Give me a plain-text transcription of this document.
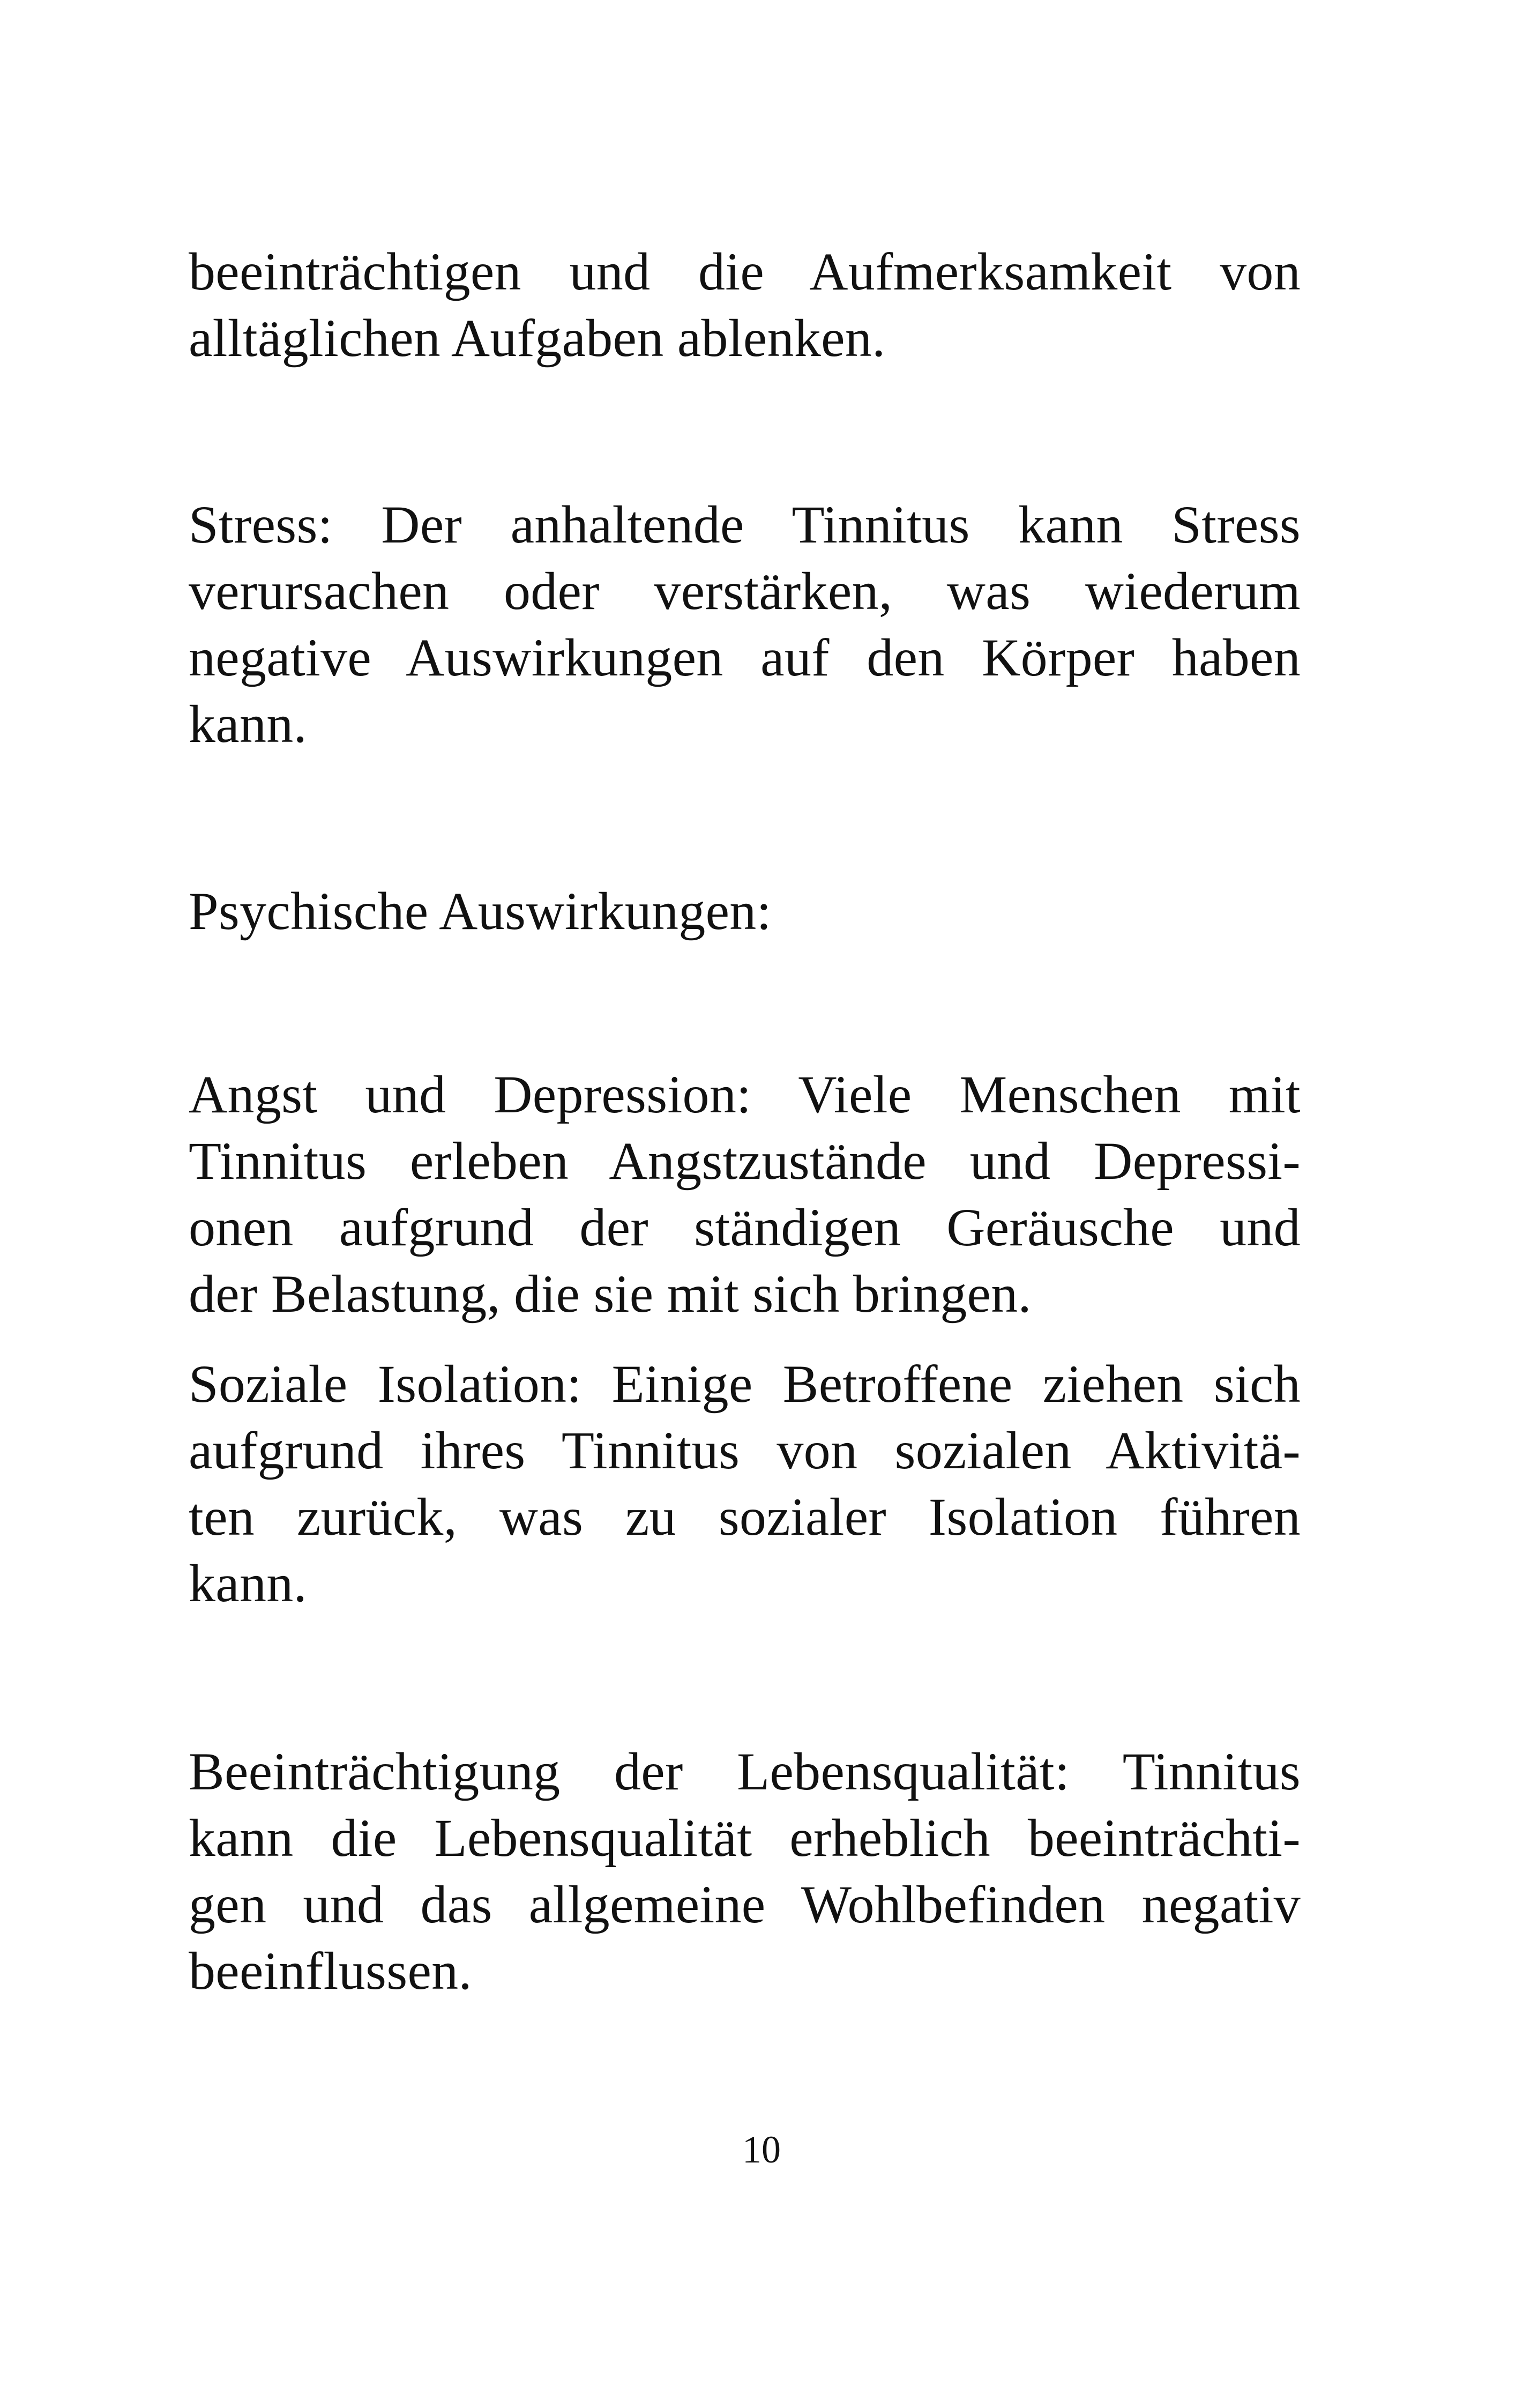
beeinträchtigen und die Aufmerksamkeit von
alltäglichen Aufgaben ablenken.

Stress: Der anhaltende Tinnitus kann Stress
verursachen oder verstärken, was wiederum
negative Auswirkungen auf den Körper haben
kann.

Psychische Auswirkungen:

Angst und Depression: Viele Menschen mit
Tinnitus erleben Angstzustände und Depressi-
onen aufgrund der ständigen Geräusche und
der Belastung, die sie mit sich bringen.

Soziale Isolation: Einige Betroffene ziehen sich
aufgrund ihres Tinnitus von sozialen Aktivitä-
ten zurück, was zu sozialer Isolation führen
kann.

Beeinträchtigung der Lebensqualität: Tinnitus
kann die Lebensqualität erheblich beeinträchti-
gen und das allgemeine Wohlbefinden negativ
beeinflussen.

10
